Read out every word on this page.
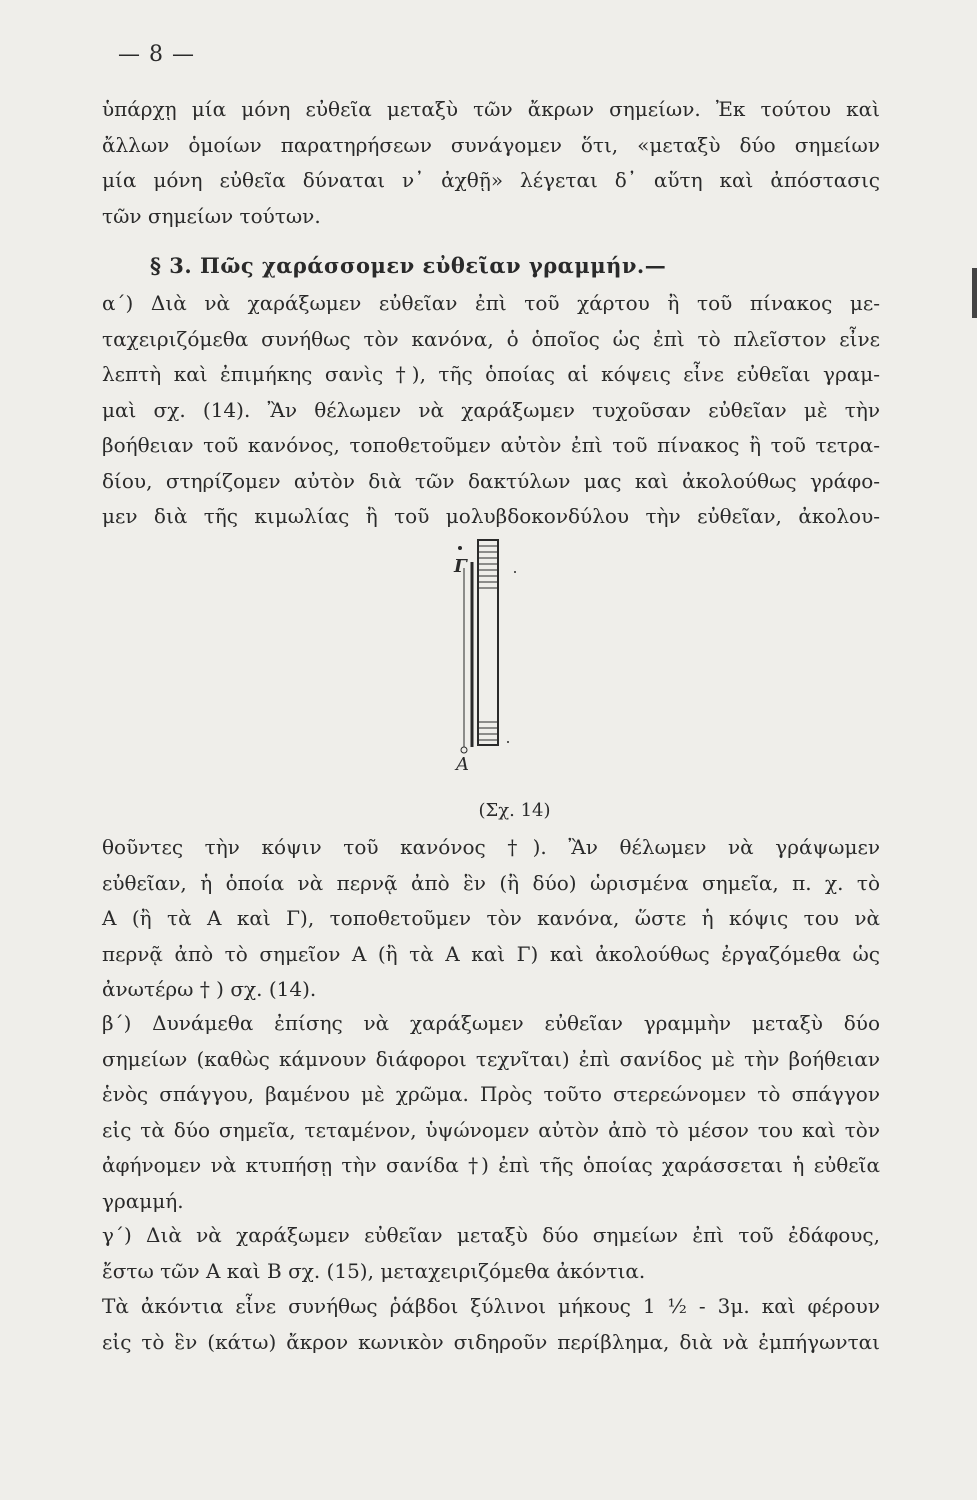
— 8 —
ὑπάρχῃ μία μόνη εὐθεῖα μεταξὺ τῶν ἄκρων σημείων. Ἐκ τούτου καὶ
ἄλλων ὁμοίων παρατηρήσεων συνάγομεν ὅτι, «μεταξὺ δύο σημείων
μία μόνη εὐθεῖα δύναται ν᾽ ἀχθῇ» λέγεται δ᾽ αὕτη καὶ ἀπόστασις
τῶν σημείων τούτων.
§ 3. Πῶς χαράσσομεν εὐθεῖαν γραμμήν.—
α´) Διὰ νὰ χαράξωμεν εὐθεῖαν ἐπὶ τοῦ χάρτου ἢ τοῦ πίνακος με-
ταχειριζόμεθα συνήθως τὸν κανόνα, ὁ ὁποῖος ὡς ἐπὶ τὸ πλεῖστον εἶνε
λεπτὴ καὶ ἐπιμήκης σανὶς †), τῆς ὁποίας αἱ κόψεις εἶνε εὐθεῖαι γραμ-
μαὶ σχ. (14). Ἂν θέλωμεν νὰ χαράξωμεν τυχοῦσαν εὐθεῖαν μὲ τὴν
βοήθειαν τοῦ κανόνος, τοποθετοῦμεν αὐτὸν ἐπὶ τοῦ πίνακος ἢ τοῦ τετρα-
δίου, στηρίζομεν αὐτὸν διὰ τῶν δακτύλων μας καὶ ἀκολούθως γράφο-
μεν διὰ τῆς κιμωλίας ἢ τοῦ μολυβδοκονδύλου τὴν εὐθεῖαν, ἀκολου-
Γ
Α
(Σχ. 14)
θοῦντες τὴν κόψιν τοῦ κανόνος †). Ἂν θέλωμεν νὰ γράψωμεν
εὐθεῖαν, ἡ ὁποία νὰ περνᾷ ἀπὸ ἓν (ἢ δύο) ὡρισμένα σημεῖα, π. χ. τὸ
Α (ἢ τὰ Α καὶ Γ), τοποθετοῦμεν τὸν κανόνα, ὥστε ἡ κόψις του νὰ
περνᾷ ἀπὸ τὸ σημεῖον Α (ἢ τὰ Α καὶ Γ) καὶ ἀκολούθως ἐργαζόμεθα ὡς
ἀνωτέρω † ) σχ. (14).
β´) Δυνάμεθα ἐπίσης νὰ χαράξωμεν εὐθεῖαν γραμμὴν μεταξὺ δύο
σημείων (καθὼς κάμνουν διάφοροι τεχνῖται) ἐπὶ σανίδος μὲ τὴν βοήθειαν
ἑνὸς σπάγγου, βαμένου μὲ χρῶμα. Πρὸς τοῦτο στερεώνομεν τὸ σπάγγον
εἰς τὰ δύο σημεῖα, τεταμένον, ὑψώνομεν αὐτὸν ἀπὸ τὸ μέσον του καὶ τὸν
ἀφήνομεν νὰ κτυπήσῃ τὴν σανίδα †) ἐπὶ τῆς ὁποίας χαράσσεται ἡ εὐθεῖα
γραμμή.
γ´) Διὰ νὰ χαράξωμεν εὐθεῖαν μεταξὺ δύο σημείων ἐπὶ τοῦ ἐδάφους,
ἔστω τῶν Α καὶ Β σχ. (15), μεταχειριζόμεθα ἀκόντια.
Τὰ ἀκόντια εἶνε συνήθως ῥάβδοι ξύλινοι μήκους 1 ½ - 3μ. καὶ φέρουν
εἰς τὸ ἓν (κάτω) ἄκρον κωνικὸν σιδηροῦν περίβλημα, διὰ νὰ ἐμπήγωνται
